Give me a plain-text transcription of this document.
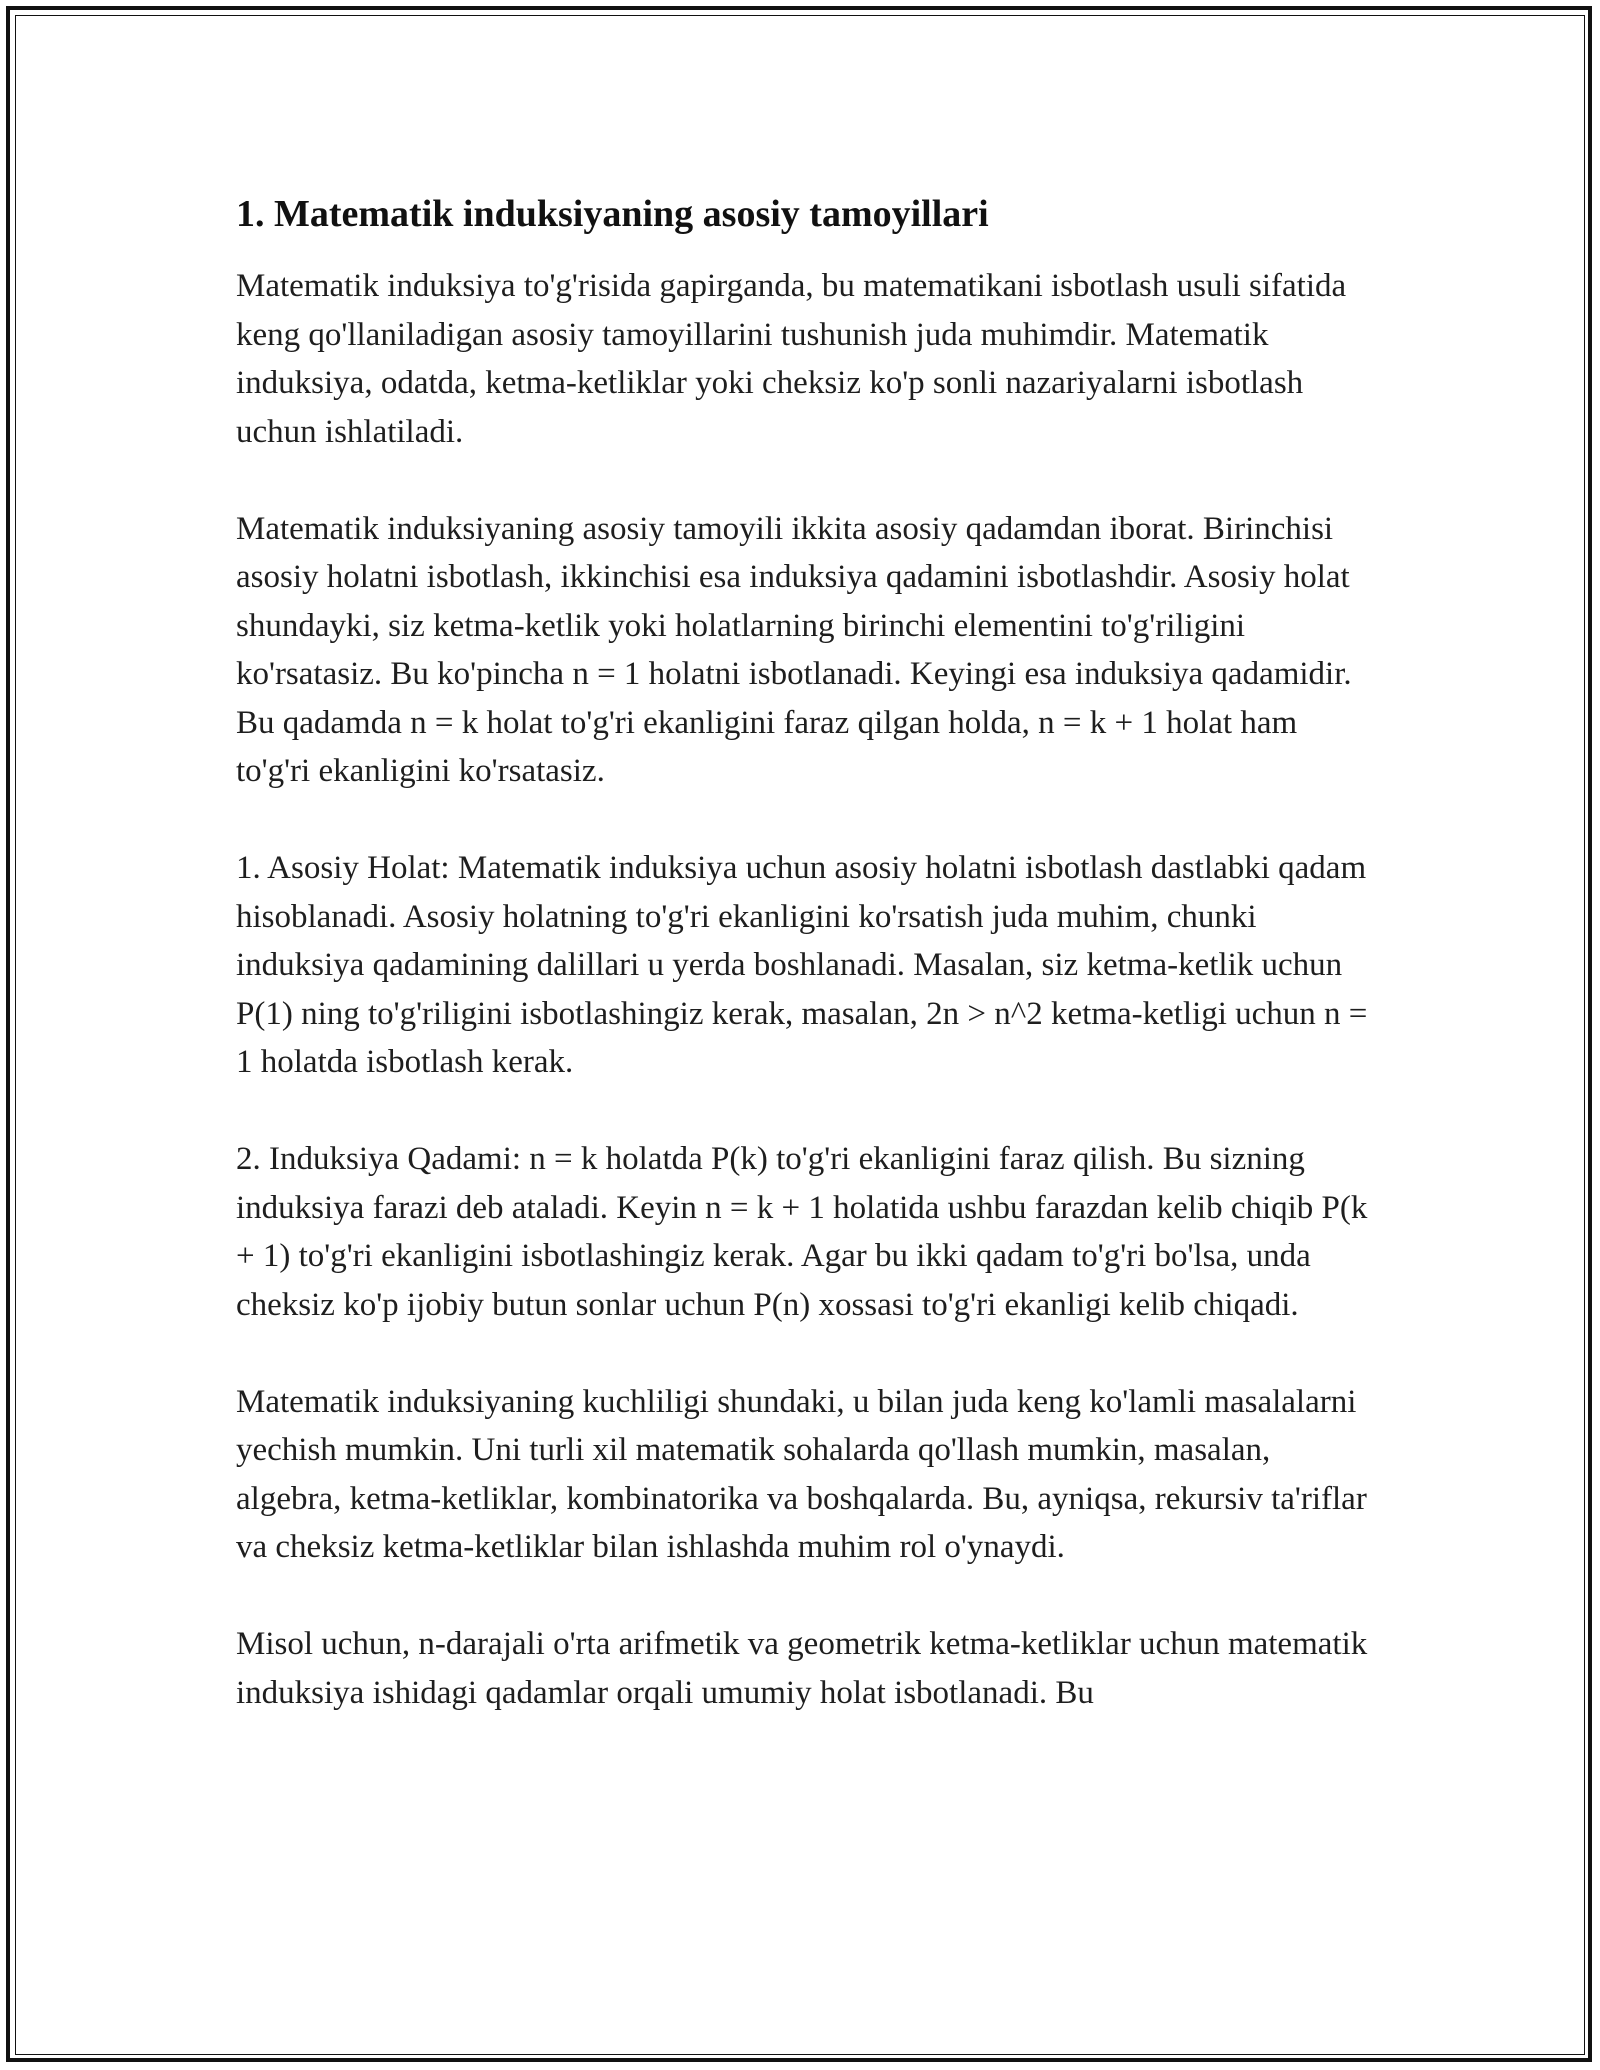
1. Matematik induksiyaning asosiy tamoyillari

Matematik induksiya to'g'risida gapirganda, bu matematikani isbotlash usuli sifatida keng qo'llaniladigan asosiy tamoyillarini tushunish juda muhimdir. Matematik induksiya, odatda, ketma-ketliklar yoki cheksiz ko'p sonli nazariyalarni isbotlash uchun ishlatiladi.

Matematik induksiyaning asosiy tamoyili ikkita asosiy qadamdan iborat. Birinchisi asosiy holatni isbotlash, ikkinchisi esa induksiya qadamini isbotlashdir. Asosiy holat shundayki, siz ketma-ketlik yoki holatlarning birinchi elementini to'g'riligini ko'rsatasiz. Bu ko'pincha n = 1 holatni isbotlanadi. Keyingi esa induksiya qadamidir. Bu qadamda n = k holat to'g'ri ekanligini faraz qilgan holda, n = k + 1 holat ham to'g'ri ekanligini ko'rsatasiz.

1. Asosiy Holat: Matematik induksiya uchun asosiy holatni isbotlash dastlabki qadam hisoblanadi. Asosiy holatning to'g'ri ekanligini ko'rsatish juda muhim, chunki induksiya qadamining dalillari u yerda boshlanadi. Masalan, siz ketma-ketlik uchun P(1) ning to'g'riligini isbotlashingiz kerak, masalan, 2n > n^2 ketma-ketligi uchun n = 1 holatda isbotlash kerak.

2. Induksiya Qadami: n = k holatda P(k) to'g'ri ekanligini faraz qilish. Bu sizning induksiya farazi deb ataladi. Keyin n = k + 1 holatida ushbu farazdan kelib chiqib P(k + 1) to'g'ri ekanligini isbotlashingiz kerak. Agar bu ikki qadam to'g'ri bo'lsa, unda cheksiz ko'p ijobiy butun sonlar uchun P(n) xossasi to'g'ri ekanligi kelib chiqadi.

Matematik induksiyaning kuchliligi shundaki, u bilan juda keng ko'lamli masalalarni yechish mumkin. Uni turli xil matematik sohalarda qo'llash mumkin, masalan, algebra, ketma-ketliklar, kombinatorika va boshqalarda. Bu, ayniqsa, rekursiv ta'riflar va cheksiz ketma-ketliklar bilan ishlashda muhim rol o'ynaydi.

Misol uchun, n-darajali o'rta arifmetik va geometrik ketma-ketliklar uchun matematik induksiya ishidagi qadamlar orqali umumiy holat isbotlanadi. Bu
